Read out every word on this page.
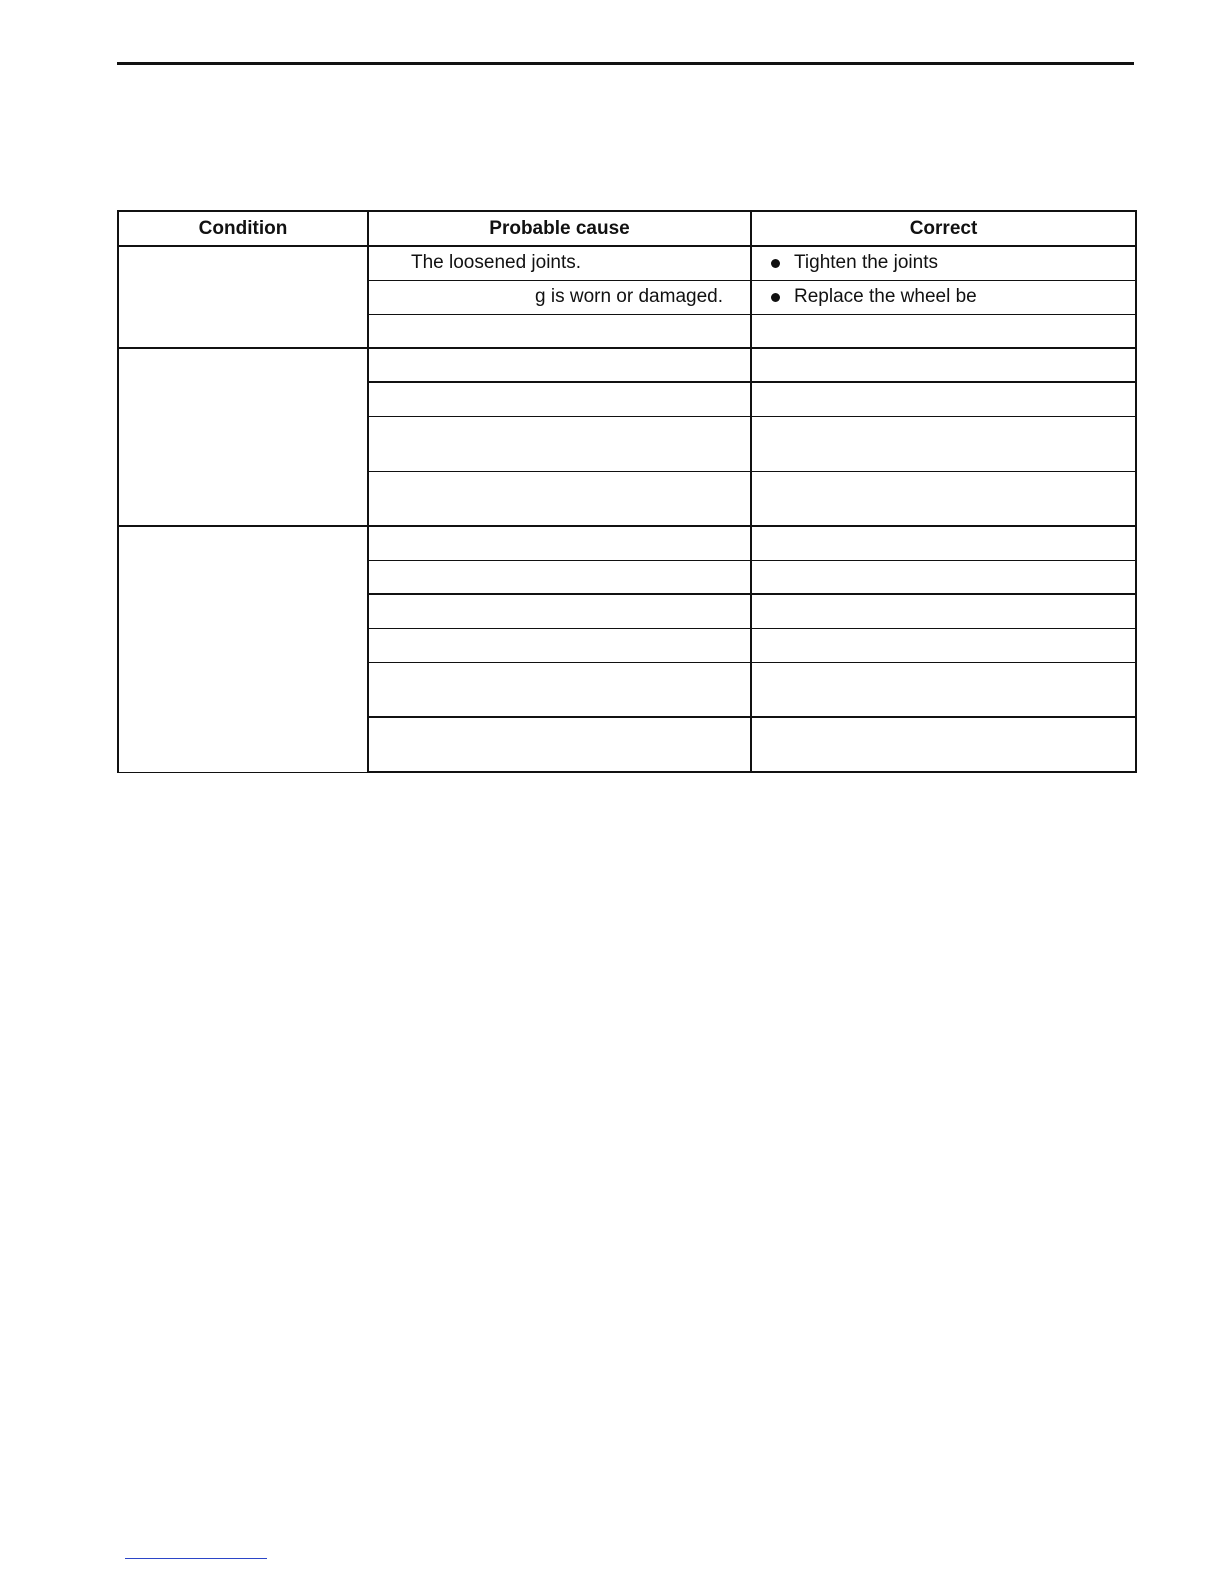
Condition	Probable cause	Correct

	The loosened joints.	Tighten the joints

	g is worn or damaged.	Replace the wheel be
